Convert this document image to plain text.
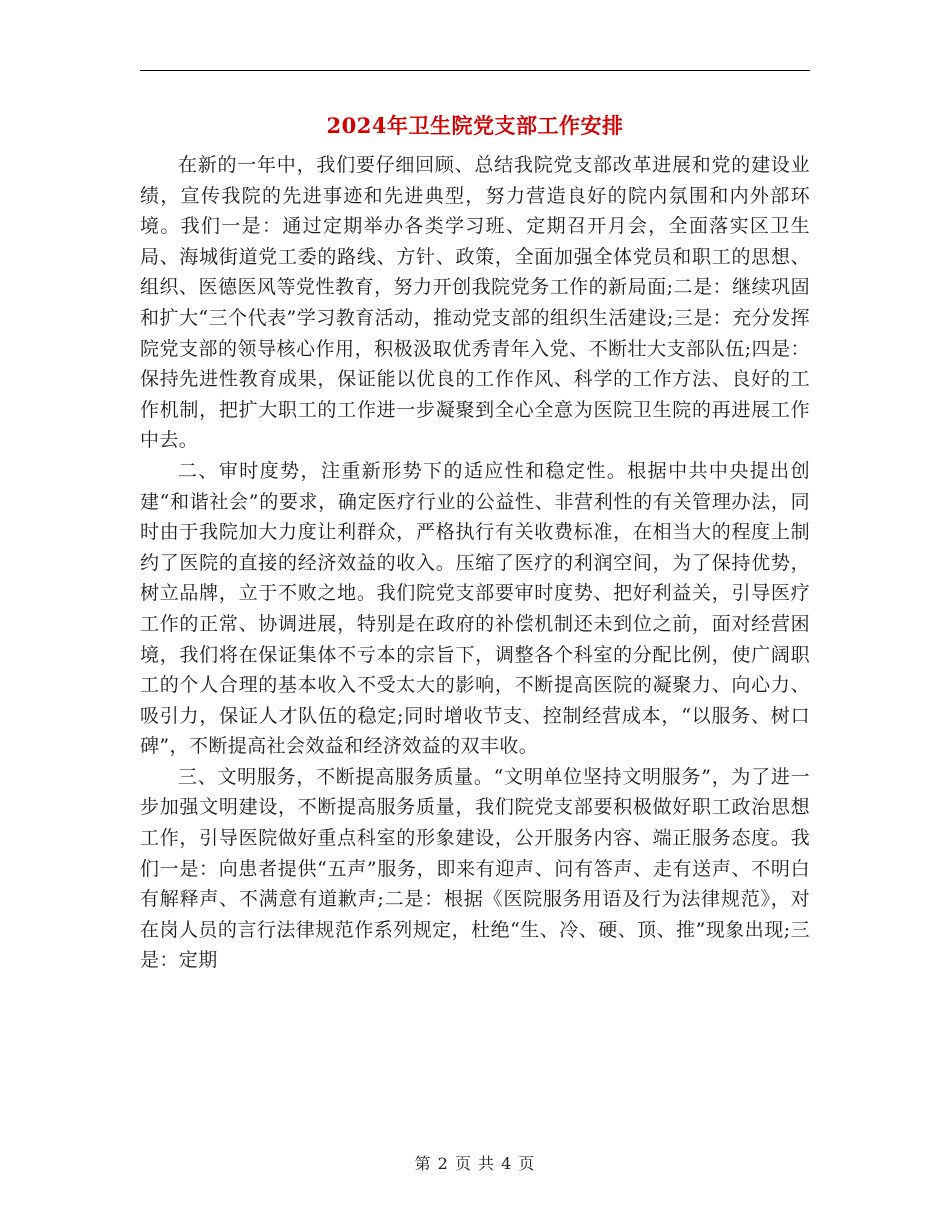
2024年卫生院党支部工作安排

在新的一年中，我们要仔细回顾、总结我院党支部改革进展和党的建设业绩，宣传我院的先进事迹和先进典型，努力营造良好的院内氛围和内外部环境。我们一是：通过定期举办各类学习班、定期召开月会，全面落实区卫生局、海城街道党工委的路线、方针、政策，全面加强全体党员和职工的思想、组织、医德医风等党性教育，努力开创我院党务工作的新局面;二是：继续巩固和扩大“三个代表”学习教育活动，推动党支部的组织生活建设;三是：充分发挥院党支部的领导核心作用，积极汲取优秀青年入党、不断壮大支部队伍;四是：保持先进性教育成果，保证能以优良的工作作风、科学的工作方法、良好的工作机制，把扩大职工的工作进一步凝聚到全心全意为医院卫生院的再进展工作中去。

二、审时度势，注重新形势下的适应性和稳定性。根据中共中央提出创建“和谐社会”的要求，确定医疗行业的公益性、非营利性的有关管理办法，同时由于我院加大力度让利群众，严格执行有关收费标准，在相当大的程度上制约了医院的直接的经济效益的收入。压缩了医疗的利润空间，为了保持优势，树立品牌，立于不败之地。我们院党支部要审时度势、把好利益关，引导医疗工作的正常、协调进展，特别是在政府的补偿机制还未到位之前，面对经营困境，我们将在保证集体不亏本的宗旨下，调整各个科室的分配比例，使广阔职工的个人合理的基本收入不受太大的影响，不断提高医院的凝聚力、向心力、吸引力，保证人才队伍的稳定;同时增收节支、控制经营成本，“以服务、树口碑”，不断提高社会效益和经济效益的双丰收。

三、文明服务，不断提高服务质量。“文明单位坚持文明服务”，为了进一步加强文明建设，不断提高服务质量，我们院党支部要积极做好职工政治思想工作，引导医院做好重点科室的形象建设，公开服务内容、端正服务态度。我们一是：向患者提供“五声”服务，即来有迎声、问有答声、走有送声、不明白有解释声、不满意有道歉声;二是：根据《医院服务用语及行为法律规范》，对在岗人员的言行法律规范作系列规定，杜绝“生、冷、硬、顶、推”现象出现;三是：定期

第 2 页 共 4 页
